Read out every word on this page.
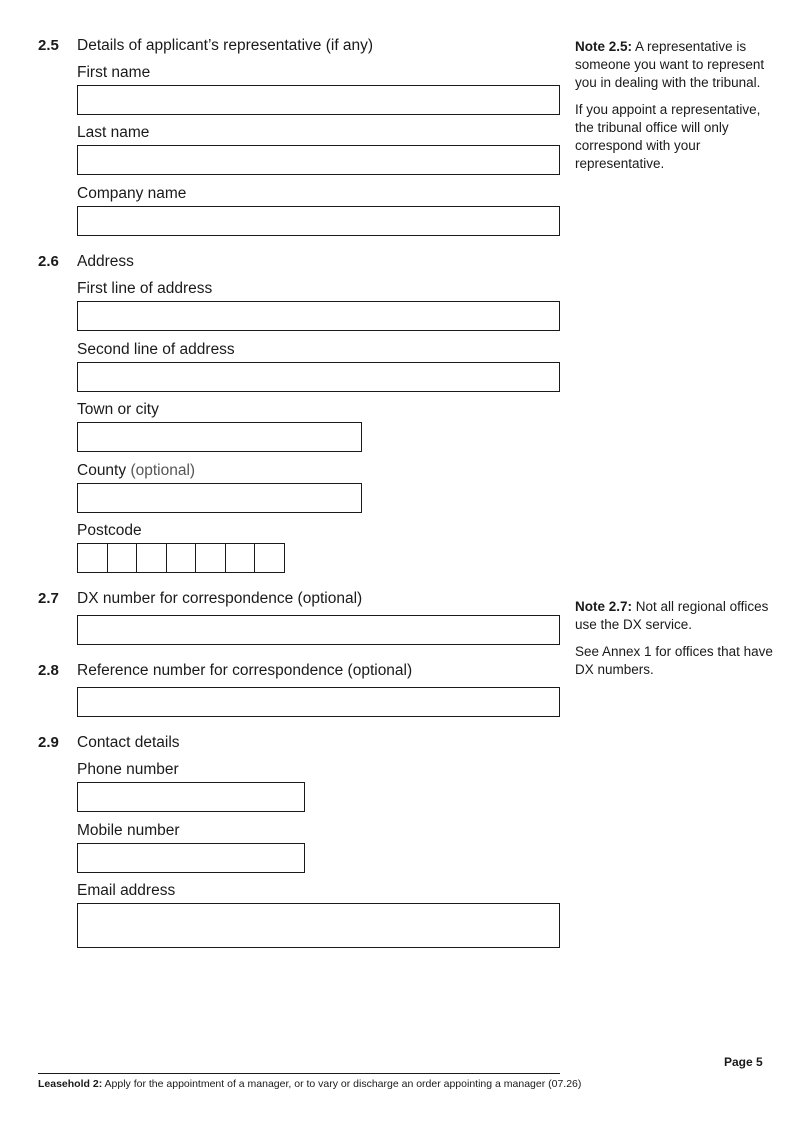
2.5 Details of applicant’s representative (if any)
First name
Last name
Company name

Note 2.5: A representative is someone you want to represent you in dealing with the tribunal.

If you appoint a representative, the tribunal office will only correspond with your representative.

2.6 Address
First line of address
Second line of address
Town or city
County (optional)
Postcode
2.7 DX number for correspondence (optional)	Note 2.7: Not all regional offices use the DX service.

See Annex 1 for offices that have DX numbers.

2.8 Reference number for correspondence (optional)
2.9 Contact details
Phone number
Mobile number
Email address
Page 5
Leasehold 2: Apply for the appointment of a manager, or to vary or discharge an order appointing a manager (07.26)
